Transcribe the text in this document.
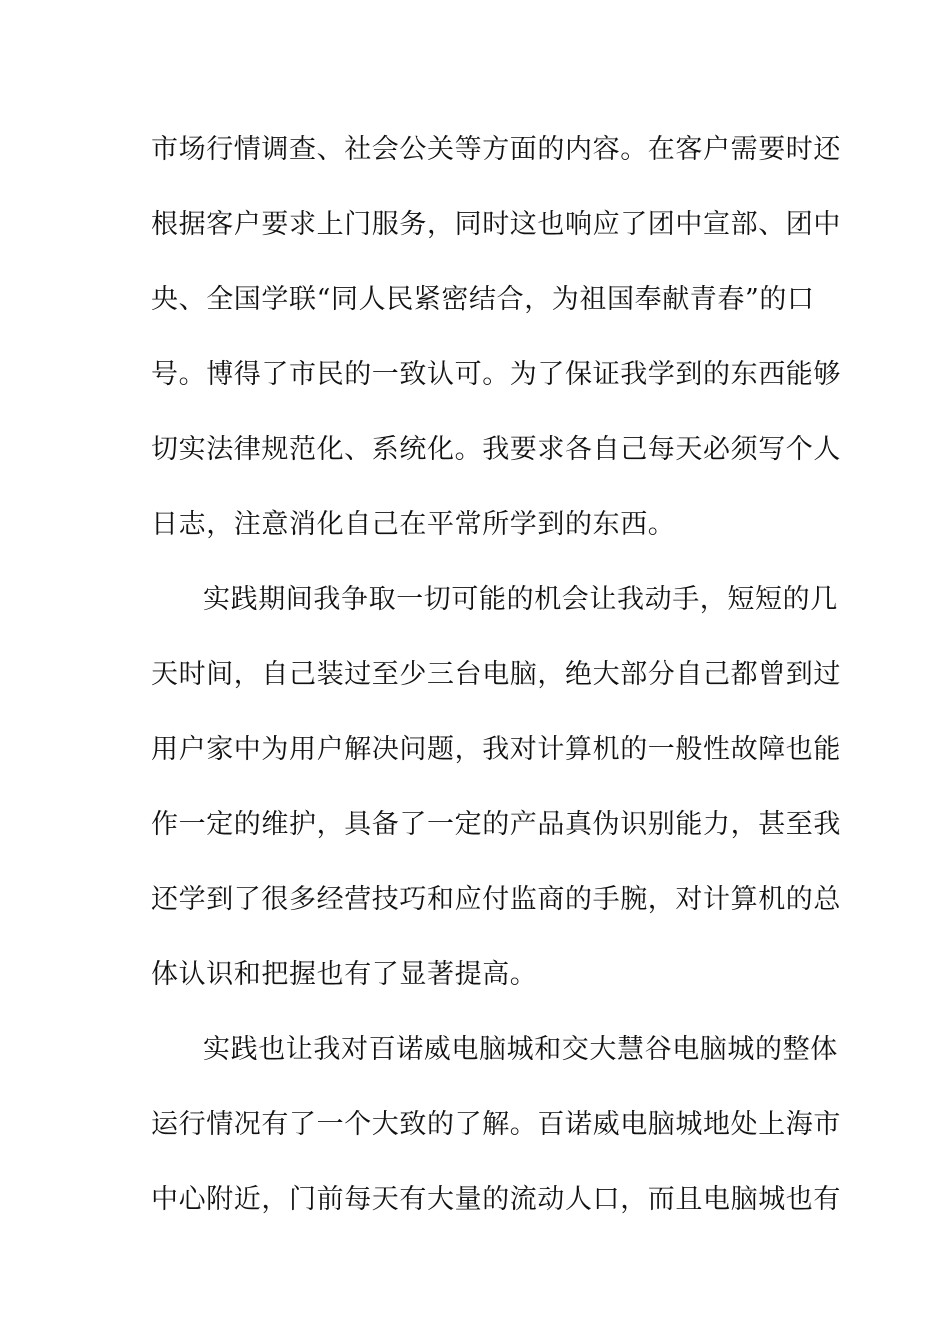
市场行情调查、社会公关等方面的内容。在客户需要时还
根据客户要求上门服务，同时这也响应了团中宣部、团中
央、全国学联“同人民紧密结合，为祖国奉献青春”的口
号。博得了市民的一致认可。为了保证我学到的东西能够
切实法律规范化、系统化。我要求各自己每天必须写个人
日志，注意消化自己在平常所学到的东西。
实践期间我争取一切可能的机会让我动手，短短的几
天时间，自己装过至少三台电脑，绝大部分自己都曾到过
用户家中为用户解决问题，我对计算机的一般性故障也能
作一定的维护，具备了一定的产品真伪识别能力，甚至我
还学到了很多经营技巧和应付监商的手腕，对计算机的总
体认识和把握也有了显著提高。
实践也让我对百诺威电脑城和交大慧谷电脑城的整体
运行情况有了一个大致的了解。百诺威电脑城地处上海市
中心附近，门前每天有大量的流动人口，而且电脑城也有
